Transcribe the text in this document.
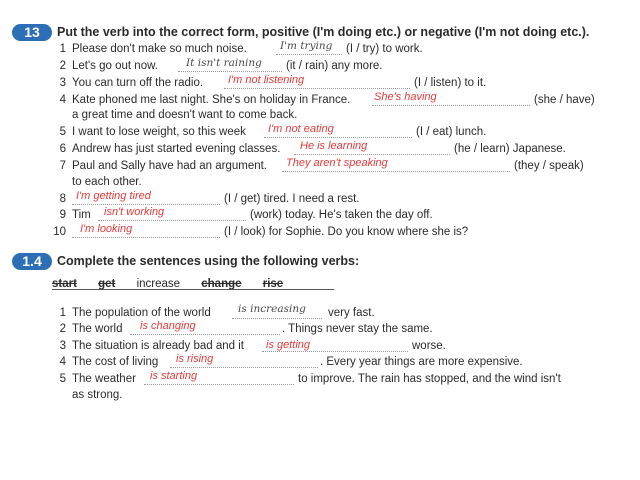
13	Put the verb into the correct form, positive (I'm doing etc.) or negative (I'm not doing etc.).
1 Please don't make so much noise.	I'm trying (I / try) to work.
2 Let's go out now.	It isn't raining (it / rain) any more.
3 You can turn off the radio. I'm not listening	(I / listen) to it.
4 Kate phoned me last night. She's on holiday in France. She's having	(she / have)
a great time and doesn't want to come back.
5 I want to lose weight, so this week I'm not eating	(I / eat) lunch.
6 Andrew has just started evening classes. He is learning	(he / learn) Japanese.
7 Paul and Sally have had an argument. They aren't speaking	(they / speak)
to each other.
8 I'm getting tired	(I / get) tired. I need a rest.
9 Tim isn't working	(work) today. He's taken the day off.
10 I'm looking	(I / look) for Sophie. Do you know where she is?
1.4	Complete the sentences using the following verbs:
start get increase change rise
1 The population of the world	is increasing very fast.
2 The world is changing	. Things never stay the same.
3 The situation is already bad and it is getting	worse.
4 The cost of living is rising	. Every year things are more expensive.
5 The weather is starting	to improve. The rain has stopped, and the wind isn't
as strong.
